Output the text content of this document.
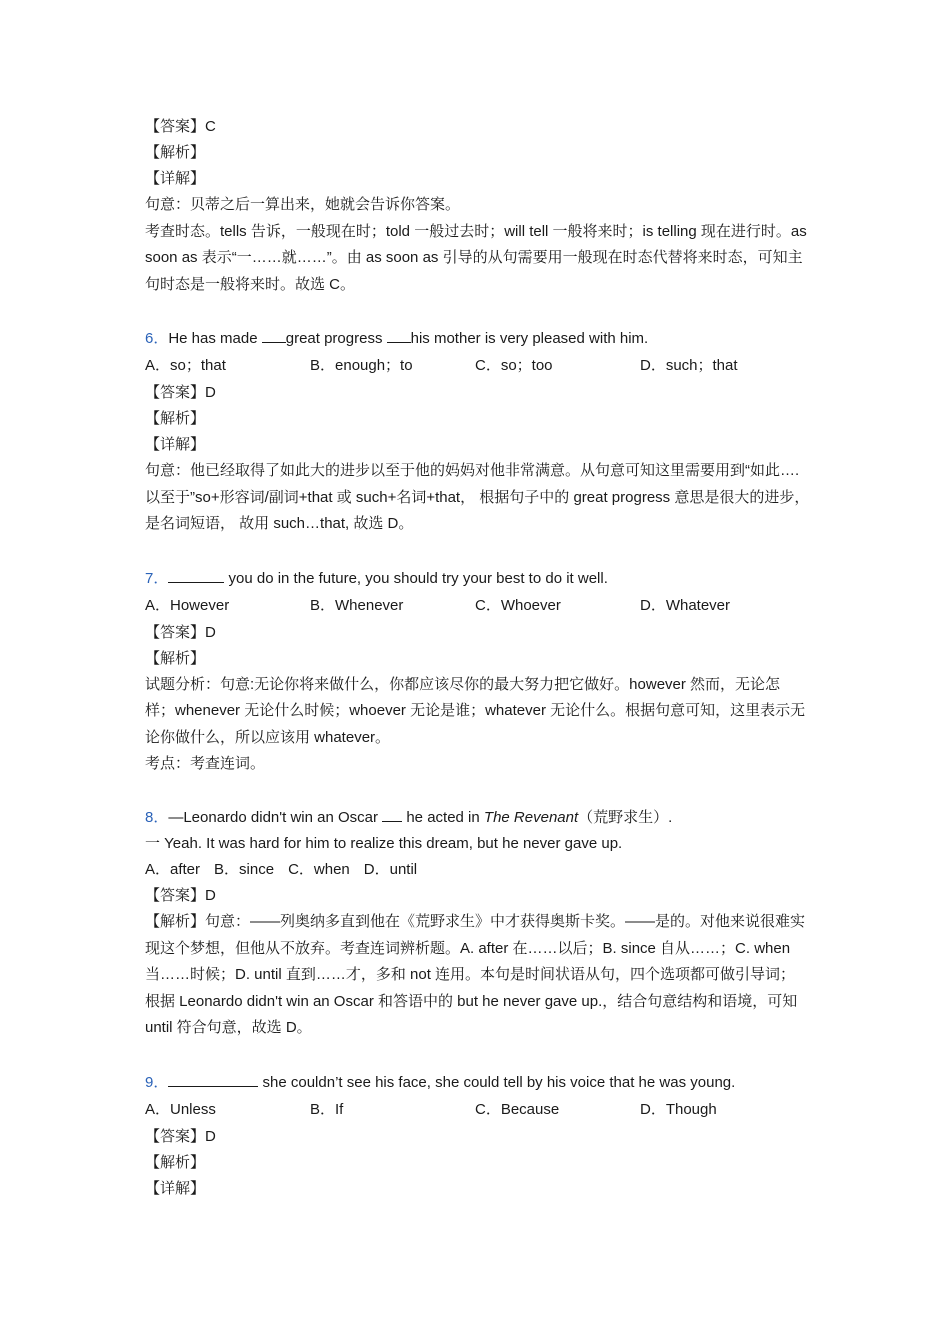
【答案】C
【解析】
【详解】
句意：贝蒂之后一算出来，她就会告诉你答案。
考查时态。tells 告诉，一般现在时；told 一般过去时；will tell 一般将来时；is telling 现在进行时。as soon as 表示“一……就……”。由 as soon as 引导的从句需要用一般现在时态代替将来时态，可知主句时态是一般将来时。故选 C。
6．He has made great progress his mother is very pleased with him.
A．so；that	B．enough；to	C．so；too	D．such；that
【答案】D
【解析】
【详解】
句意：他已经取得了如此大的进步以至于他的妈妈对他非常满意。从句意可知这里需要用到“如此….以至于”so+形容词/副词+that 或 such+名词+that， 根据句子中的 great progress 意思是很大的进步，是名词短语， 故用 such…that, 故选 D。
7．	you do in the future, you should try your best to do it well.
A．However	B．Whenever	C．Whoever	D．Whatever
【答案】D
【解析】
试题分析：句意:无论你将来做什么，你都应该尽你的最大努力把它做好。however 然而，无论怎样；whenever 无论什么时候；whoever 无论是谁；whatever 无论什么。根据句意可知，这里表示无论你做什么，所以应该用 whatever。
考点：考查连词。
8．—Leonardo didn't win an Oscar  he acted in The Revenant（荒野求生）.
一 Yeah. It was hard for him to realize this dream, but he never gave up.
A．after B．since C．when D．until
【答案】D
【解析】句意：——列奥纳多直到他在《荒野求生》中才获得奥斯卡奖。——是的。对他来说很难实现这个梦想，但他从不放弃。考查连词辨析题。A. after 在……以后；B. since 自从……；C. when 当……时候；D. until 直到……才，多和 not 连用。本句是时间状语从句，四个选项都可做引导词；根据 Leonardo didn't win an Oscar 和答语中的 but he never gave up.，结合句意结构和语境，可知 until 符合句意，故选 D。
9．	she couldn’t see his face, she could tell by his voice that he was young.
A．Unless	B．If	C．Because	D．Though
【答案】D
【解析】
【详解】
